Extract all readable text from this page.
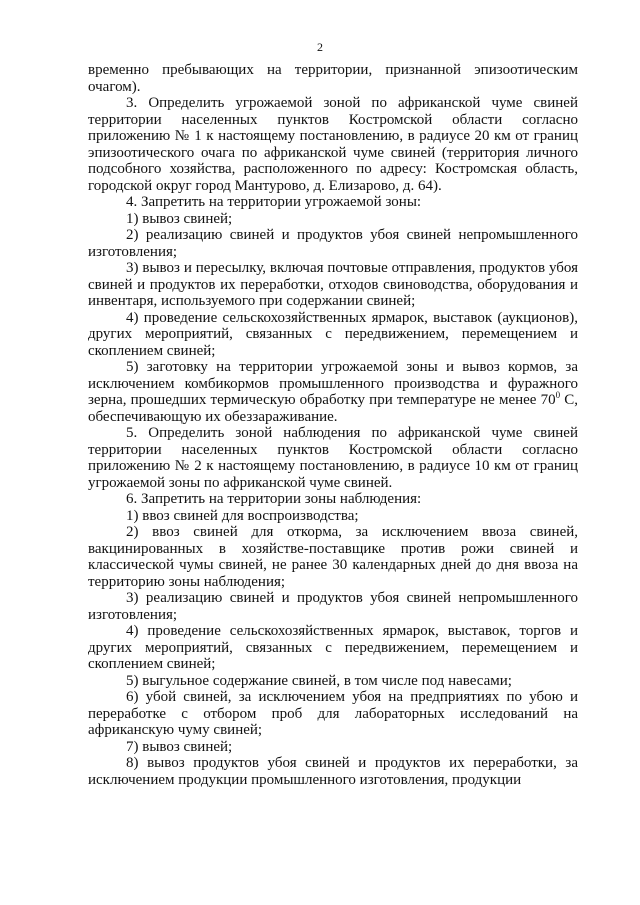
2

временно пребывающих на территории, признанной эпизоотическим очагом).

3. Определить угрожаемой зоной по африканской чуме свиней территории населенных пунктов Костромской области согласно приложению № 1 к настоящему постановлению, в радиусе 20 км от границ эпизоотического очага по африканской чуме свиней (территория личного подсобного хозяйства, расположенного по адресу: Костромская область, городской округ город Мантурово, д. Елизарово, д. 64).

4. Запретить на территории угрожаемой зоны:

1) вывоз свиней;

2) реализацию свиней и продуктов убоя свиней непромышленного изготовления;

3) вывоз и пересылку, включая почтовые отправления, продуктов убоя свиней и продуктов их переработки, отходов свиноводства, оборудования и инвентаря, используемого при содержании свиней;

4) проведение сельскохозяйственных ярмарок, выставок (аукционов), других мероприятий, связанных с передвижением, перемещением и скоплением свиней;

5) заготовку на территории угрожаемой зоны и вывоз кормов, за исключением комбикормов промышленного производства и фуражного зерна, прошедших термическую обработку при температуре не менее $70^0$ С, обеспечивающую их обеззараживание.

5. Определить зоной наблюдения по африканской чуме свиней территории населенных пунктов Костромской области согласно приложению № 2 к настоящему постановлению, в радиусе 10 км от границ угрожаемой зоны по африканской чуме свиней.

6. Запретить на территории зоны наблюдения:

1) ввоз свиней для воспроизводства;

2) ввоз свиней для откорма, за исключением ввоза свиней, вакцинированных в хозяйстве-поставщике против рожи свиней и классической чумы свиней, не ранее 30 календарных дней до дня ввоза на территорию зоны наблюдения;

3) реализацию свиней и продуктов убоя свиней непромышленного изготовления;

4) проведение сельскохозяйственных ярмарок, выставок, торгов и других мероприятий, связанных с передвижением, перемещением и скоплением свиней;

5) выгульное содержание свиней, в том числе под навесами;

6) убой свиней, за исключением убоя на предприятиях по убою и переработке с отбором проб для лабораторных исследований на африканскую чуму свиней;

7) вывоз свиней;

8) вывоз продуктов убоя свиней и продуктов их переработки, за исключением продукции промышленного изготовления, продукции
